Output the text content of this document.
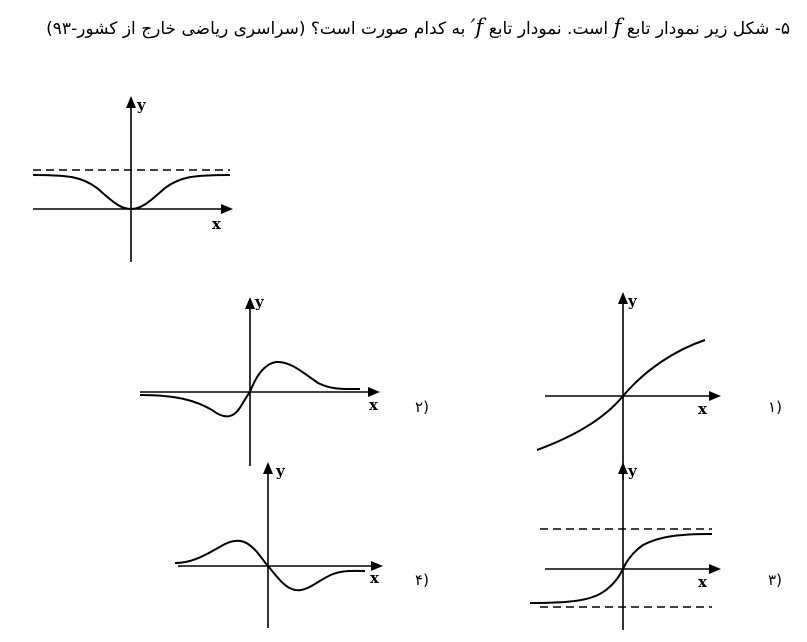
۵- شکل زیر نمودار تابع f است. نمودار تابع f′ به کدام صورت است؟ (سراسری ریاضی خارج از کشور-۹۳)
x
y
x
y
x
y
x
y
x
y
(۱
(۲
(۳
(۴
